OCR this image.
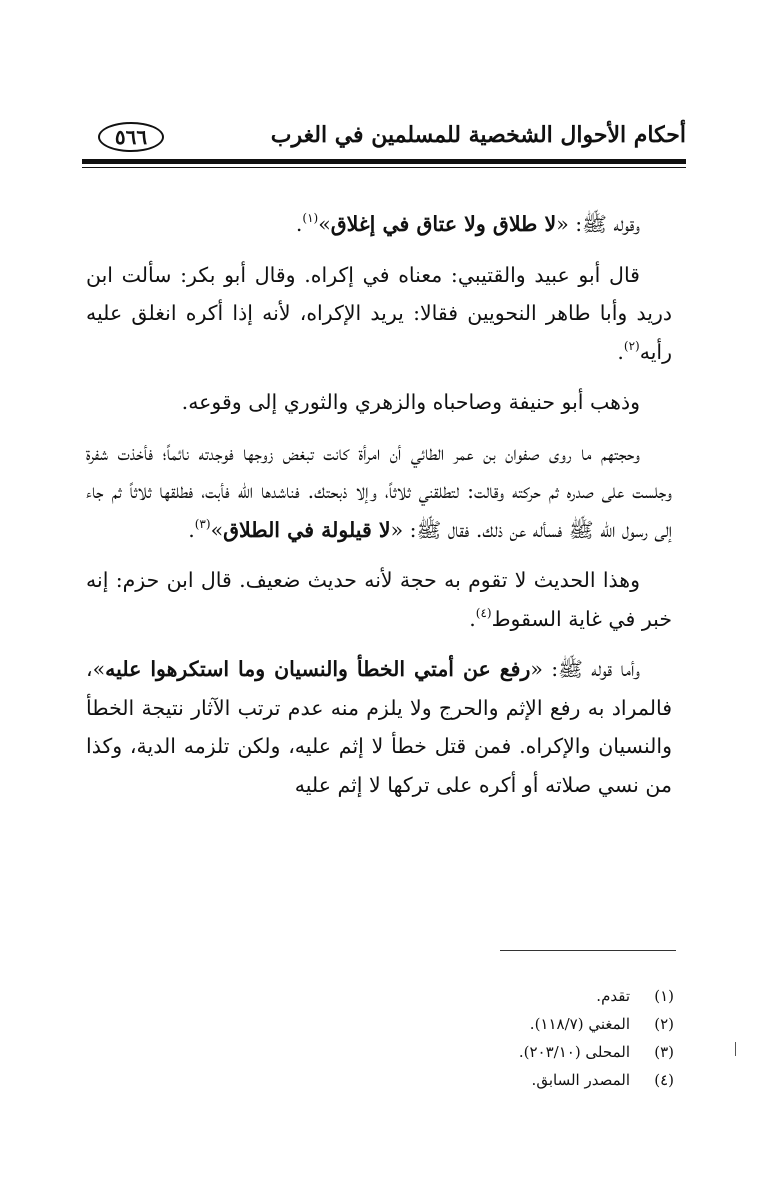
أحكام الأحوال الشخصية للمسلمين في الغرب
٥٦٦

وقوله ﷺ: «لا طلاق ولا عتاق في إغلاق»$^{(١)}$.

قال أبو عبيد والقتيبي: معناه في إكراه. وقال أبو بكر: سألت ابن دريد وأبا طاهر النحويين فقالا: يريد الإكراه، لأنه إذا أكره انغلق عليه رأيه$^{(٢)}$.

وذهب أبو حنيفة وصاحباه والزهري والثوري إلى وقوعه.

وحجتهم ما روى صفوان بن عمر الطائي أن امرأة كانت تبغض زوجها فوجدته نائماً؛ فأخذت شفرة وجلست على صدره ثم حركته وقالت: لتطلقني ثلاثاً، وإلا ذبحتك. فناشدها الله فأبت، فطلقها ثلاثاً ثم جاء إلى رسول الله ﷺ فسأله عن ذلك. فقال ﷺ: «لا قيلولة في الطلاق»$^{(٣)}$.

وهذا الحديث لا تقوم به حجة لأنه حديث ضعيف. قال ابن حزم: إنه خبر في غاية السقوط$^{(٤)}$.

وأما قوله ﷺ: «رفع عن أمتي الخطأ والنسيان وما استكرهوا عليه»، فالمراد به رفع الإثم والحرج ولا يلزم منه عدم ترتب الآثار نتيجة الخطأ والنسيان والإكراه. فمن قتل خطأ لا إثم عليه، ولكن تلزمه الدية، وكذا من نسي صلاته أو أكره على تركها لا إثم عليه

(١)
تقدم.
(٢)
المغني (١١٨/٧).
(٣)
المحلى (٢٠٣/١٠).
(٤)
المصدر السابق.
